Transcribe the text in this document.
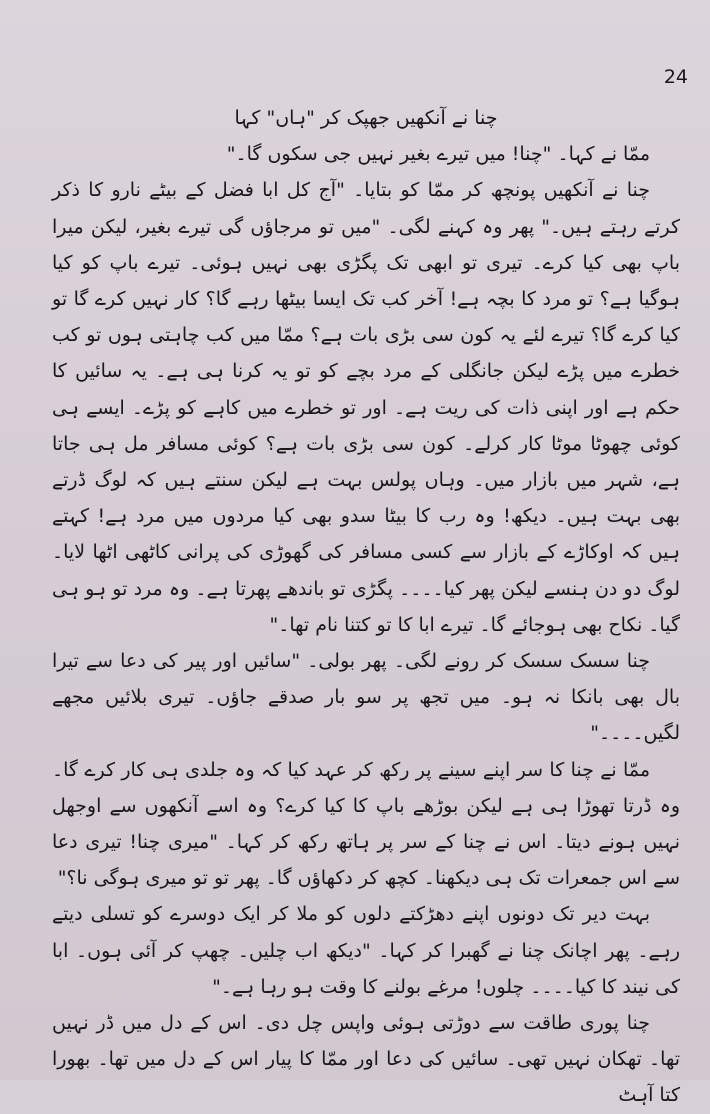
24

چنا نے آنکھیں جھپک کر "ہاں" کہا

ممّا نے کہا۔ "چنا! میں تیرے بغیر نہیں جی سکوں گا۔"

چنا نے آنکھیں پونچھ کر ممّا کو بتایا۔ "آج کل ابا فضل کے بیٹے نارو کا ذکر کرتے رہتے ہیں۔" پھر وہ کہنے لگی۔ "میں تو مرجاؤں گی تیرے بغیر، لیکن میرا باپ بھی کیا کرے۔ تیری تو ابھی تک پگڑی بھی نہیں ہوئی۔ تیرے باپ کو کیا ہوگیا ہے؟ تو مرد کا بچہ ہے! آخر کب تک ایسا بیٹھا رہے گا؟ کار نہیں کرے گا تو کیا کرے گا؟ تیرے لئے یہ کون سی بڑی بات ہے؟ ممّا میں کب چاہتی ہوں تو کب خطرے میں پڑے لیکن جانگلی کے مرد بچے کو تو یہ کرنا ہی ہے۔ یہ سائیں کا حکم ہے اور اپنی ذات کی ریت ہے۔ اور تو خطرے میں کاہے کو پڑے۔ ایسے ہی کوئی چھوٹا موٹا کار کرلے۔ کون سی بڑی بات ہے؟ کوئی مسافر مل ہی جاتا ہے، شہر میں بازار میں۔ وہاں پولس بہت ہے لیکن سنتے ہیں کہ لوگ ڈرتے بھی بہت ہیں۔ دیکھ! وہ رب کا بیٹا سدو بھی کیا مردوں میں مرد ہے! کہتے ہیں کہ اوکاڑے کے بازار سے کسی مسافر کی گھوڑی کی پرانی کاٹھی اٹھا لایا۔ لوگ دو دن ہنسے لیکن پھر کیا۔۔۔۔ پگڑی تو باندھے پھرتا ہے۔ وہ مرد تو ہو ہی گیا۔ نکاح بھی ہوجائے گا۔ تیرے ابا کا تو کتنا نام تھا۔"

چنا سسک سسک کر رونے لگی۔ پھر بولی۔ "سائیں اور پیر کی دعا سے تیرا بال بھی بانکا نہ ہو۔ میں تجھ پر سو بار صدقے جاؤں۔ تیری بلائیں مجھے لگیں۔۔۔۔"

ممّا نے چنا کا سر اپنے سینے پر رکھ کر عہد کیا کہ وہ جلدی ہی کار کرے گا۔ وہ ڈرتا تھوڑا ہی ہے لیکن بوڑھے باپ کا کیا کرے؟ وہ اسے آنکھوں سے اوجھل نہیں ہونے دیتا۔ اس نے چنا کے سر پر ہاتھ رکھ کر کہا۔ "میری چنا! تیری دعا سے اس جمعرات تک ہی دیکھنا۔ کچھ کر دکھاؤں گا۔ پھر تو تو میری ہوگی نا؟"

بہت دیر تک دونوں اپنے دھڑکتے دلوں کو ملا کر ایک دوسرے کو تسلی دیتے رہے۔ پھر اچانک چنا نے گھبرا کر کہا۔ "دیکھ اب چلیں۔ چھپ کر آئی ہوں۔ ابا کی نیند کا کیا۔۔۔۔ چلوں! مرغے بولنے کا وقت ہو رہا ہے۔"

چنا پوری طاقت سے دوڑتی ہوئی واپس چل دی۔ اس کے دل میں ڈر نہیں تھا۔ تھکان نہیں تھی۔ سائیں کی دعا اور ممّا کا پیار اس کے دل میں تھا۔ بھورا کتا آہٹ
